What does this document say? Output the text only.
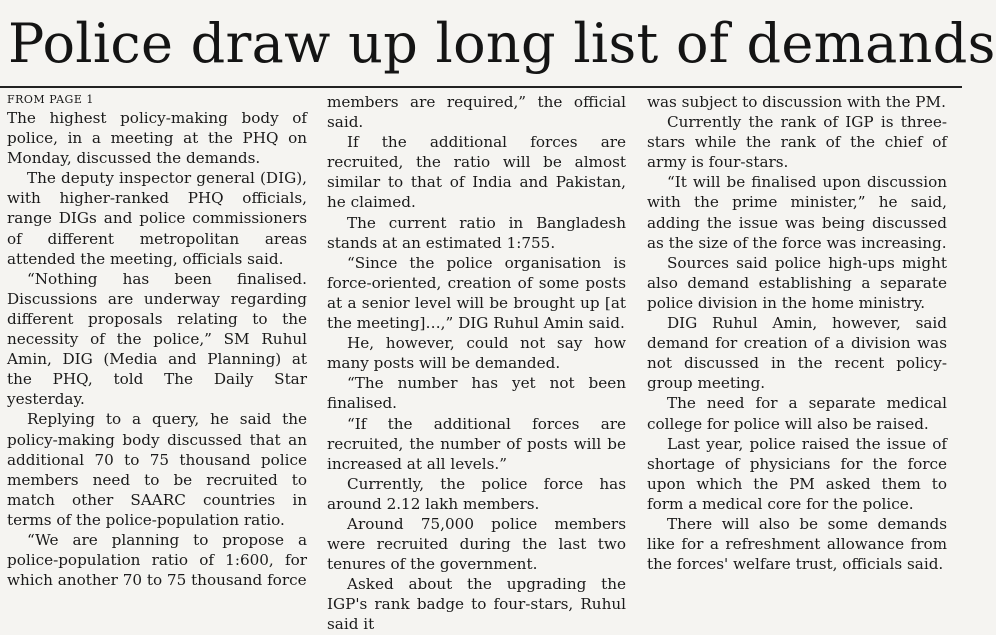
Police draw up long list of demands

FROM PAGE 1

The highest policy-making body of police, in a meeting at the PHQ on Monday, discussed the demands.

The deputy inspector general (DIG), with higher-ranked PHQ officials, range DIGs and police commissioners of different metropolitan areas attended the meeting, officials said.

“Nothing has been finalised. Discussions are underway regarding different proposals relating to the necessity of the police,” SM Ruhul Amin, DIG (Media and Planning) at the PHQ, told The Daily Star yesterday.

Replying to a query, he said the policy-making body discussed that an additional 70 to 75 thousand police members need to be recruited to match other SAARC countries in terms of the police-population ratio.

“We are planning to propose a police-population ratio of 1:600, for which another 70 to 75 thousand force

members are required,” the official said.

If the additional forces are recruited, the ratio will be almost similar to that of India and Pakistan, he claimed.

The current ratio in Bangladesh stands at an estimated 1:755.

“Since the police organisation is force-oriented, creation of some posts at a senior level will be brought up [at the meeting]…,” DIG Ruhul Amin said.

He, however, could not say how many posts will be demanded.

“The number has yet not been finalised.

“If the additional forces are recruited, the number of posts will be increased at all levels.”

Currently, the police force has around 2.12 lakh members.

Around 75,000 police members were recruited during the last two tenures of the government.

Asked about the upgrading the IGP's rank badge to four-stars, Ruhul said it

was subject to discussion with the PM.

Currently the rank of IGP is three-stars while the rank of the chief of army is four-stars.

“It will be finalised upon discussion with the prime minister,” he said, adding the issue was being discussed as the size of the force was increasing.

Sources said police high-ups might also demand establishing a separate police division in the home ministry.

DIG Ruhul Amin, however, said demand for creation of a division was not discussed in the recent policy-group meeting.

The need for a separate medical college for police will also be raised.

Last year, police raised the issue of shortage of physicians for the force upon which the PM asked them to form a medical core for the police.

There will also be some demands like for a refreshment allowance from the forces' welfare trust, officials said.
